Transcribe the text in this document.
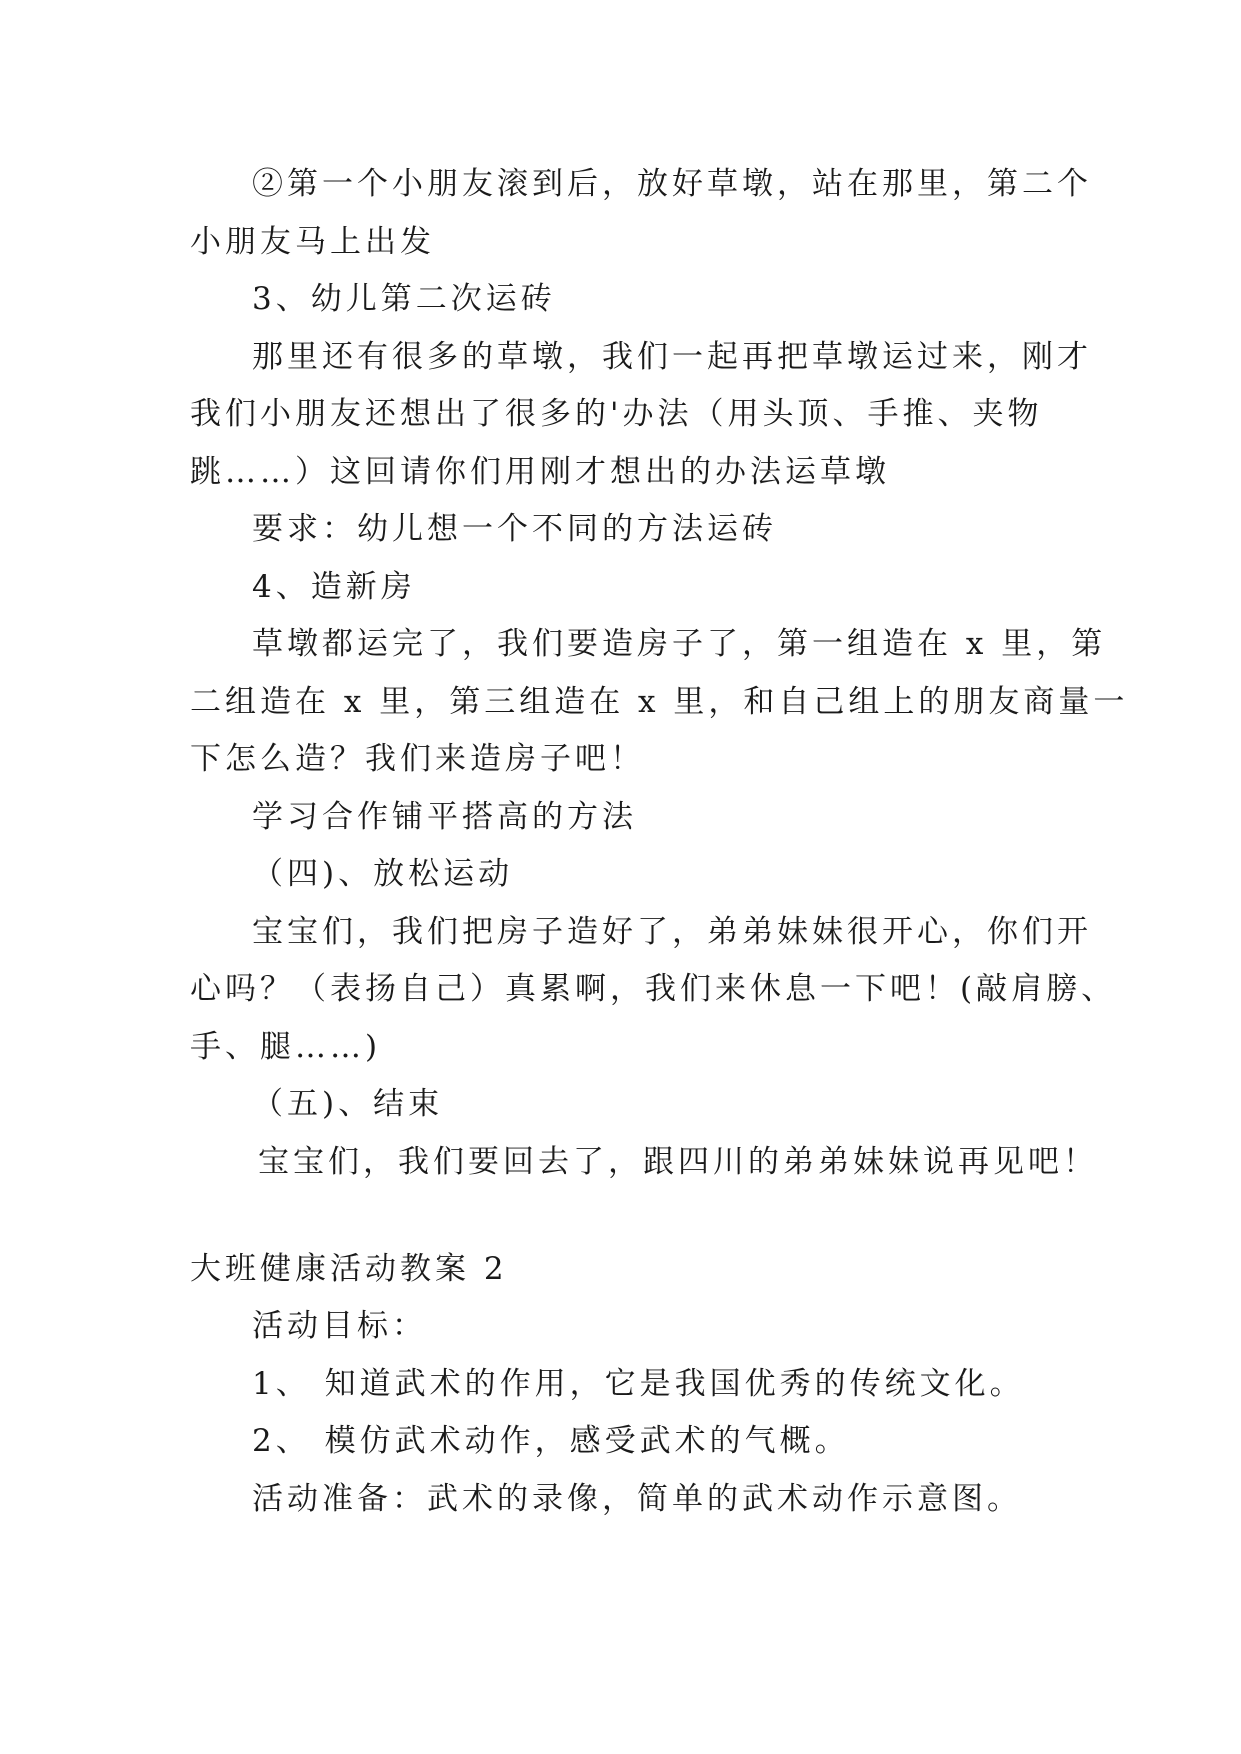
②第一个小朋友滚到后，放好草墩，站在那里，第二个
小朋友马上出发
3、幼儿第二次运砖
那里还有很多的草墩，我们一起再把草墩运过来，刚才
我们小朋友还想出了很多的'办法（用头顶、手推、夹物
跳……）这回请你们用刚才想出的办法运草墩
要求：幼儿想一个不同的方法运砖
4、造新房
草墩都运完了，我们要造房子了，第一组造在 x 里，第
二组造在 x 里，第三组造在 x 里，和自己组上的朋友商量一
下怎么造？我们来造房子吧！
学习合作铺平搭高的方法
（四)、放松运动
宝宝们，我们把房子造好了，弟弟妹妹很开心，你们开
心吗？（表扬自己）真累啊，我们来休息一下吧！(敲肩膀、
手、腿……)
（五)、结束
宝宝们，我们要回去了，跟四川的弟弟妹妹说再见吧！
大班健康活动教案 2
活动目标：
1、 知道武术的作用，它是我国优秀的传统文化。
2、 模仿武术动作，感受武术的气概。
活动准备：武术的录像，简单的武术动作示意图。
